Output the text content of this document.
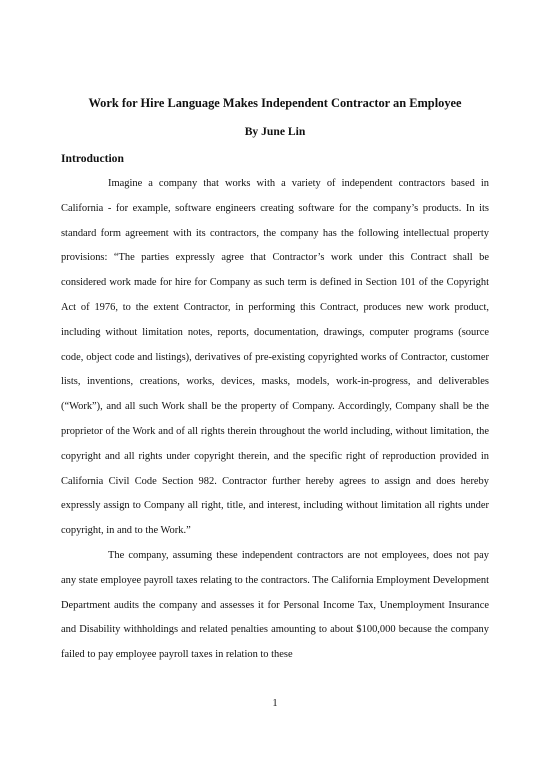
Work for Hire Language Makes Independent Contractor an Employee
By June Lin
Introduction

Imagine a company that works with a variety of independent contractors based in California - for example, software engineers creating software for the company’s products. In its standard form agreement with its contractors, the company has the following intellectual property provisions: “The parties expressly agree that Contractor’s work under this Contract shall be considered work made for hire for Company as such term is defined in Section 101 of the Copyright Act of 1976, to the extent Contractor, in performing this Contract, produces new work product, including without limitation notes, reports, documentation, drawings, computer programs (source code, object code and listings), derivatives of pre-existing copyrighted works of Contractor, customer lists, inventions, creations, works, devices, masks, models, work-in-progress, and deliverables (“Work”), and all such Work shall be the property of Company. Accordingly, Company shall be the proprietor of the Work and of all rights therein throughout the world including, without limitation, the copyright and all rights under copyright therein, and the specific right of reproduction provided in California Civil Code Section 982. Contractor further hereby agrees to assign and does hereby expressly assign to Company all right, title, and interest, including without limitation all rights under copyright, in and to the Work.”

The company, assuming these independent contractors are not employees, does not pay any state employee payroll taxes relating to the contractors. The California Employment Development Department audits the company and assesses it for Personal Income Tax, Unemployment Insurance and Disability withholdings and related penalties amounting to about $100,000 because the company failed to pay employee payroll taxes in relation to these

1
